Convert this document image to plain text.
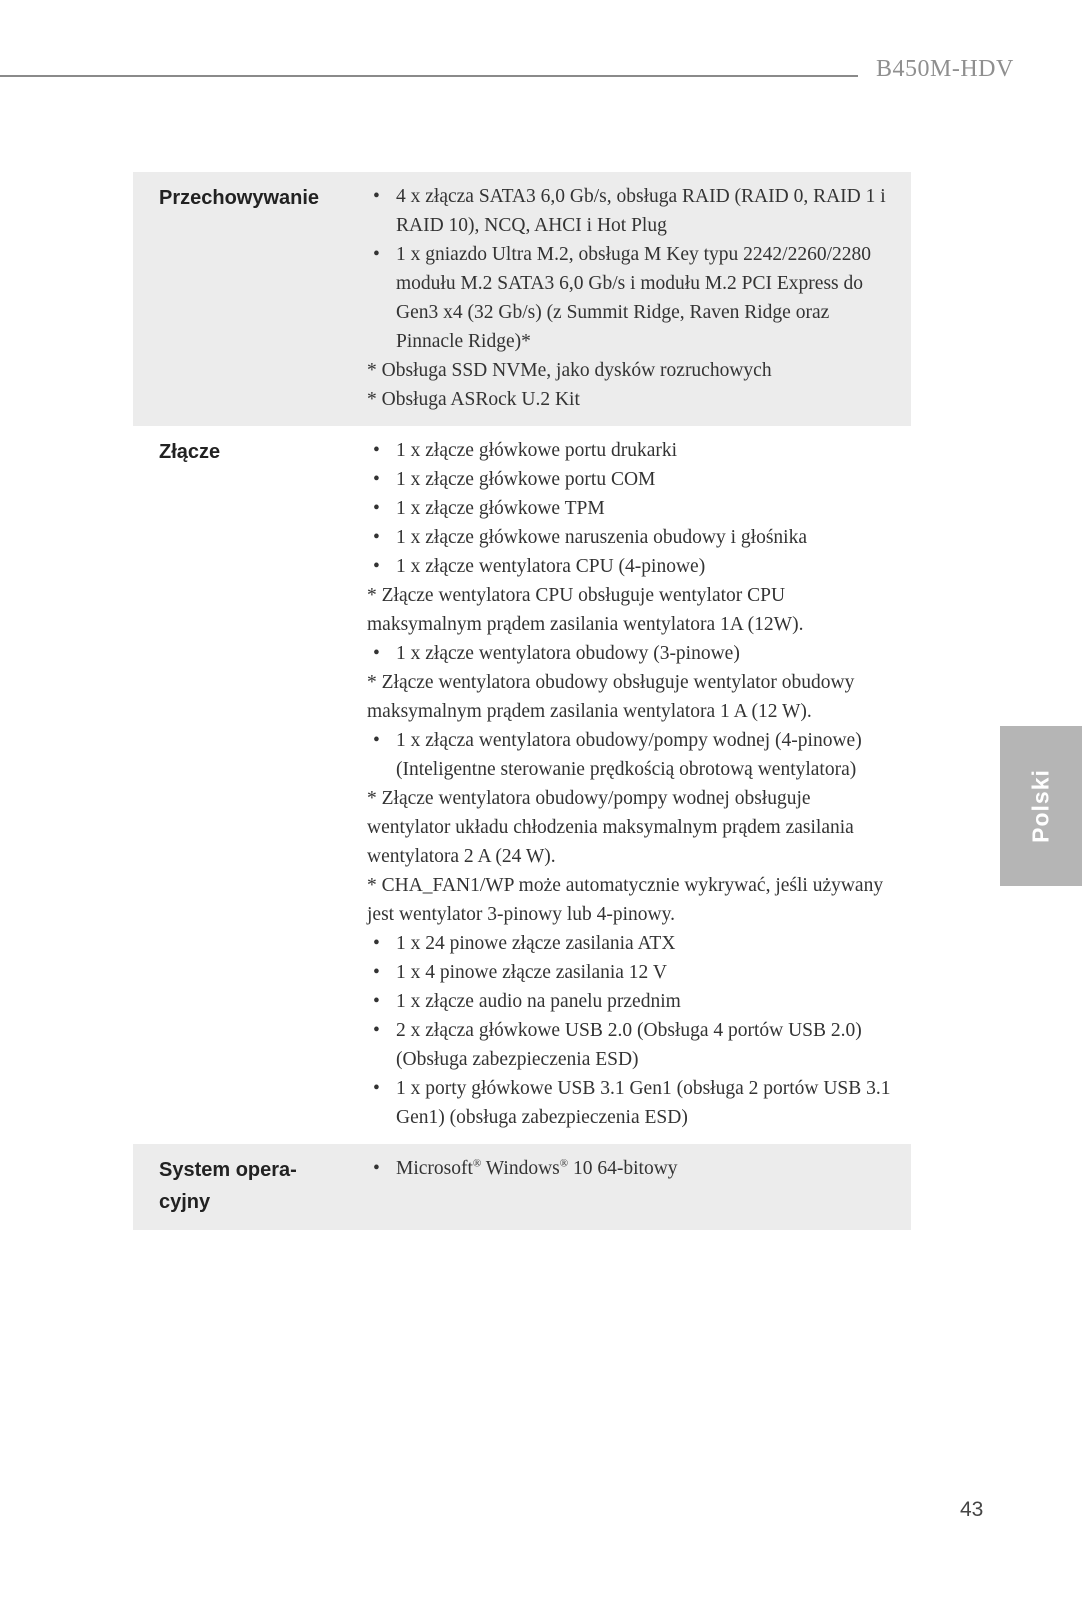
B450M-HDV
Przechowywanie	• 4 x złącza SATA3 6,0 Gb/s, obsługa RAID (RAID 0, RAID 1 i RAID 10), NCQ, AHCI i Hot Plug
• 1 x gniazdo Ultra M.2, obsługa M Key typu 2242/2260/2280 modułu M.2 SATA3 6,0 Gb/s i modułu M.2 PCI Express do Gen3 x4 (32 Gb/s) (z Summit Ridge, Raven Ridge oraz Pinnacle Ridge)*
* Obsługa SSD NVMe, jako dysków rozruchowych
* Obsługa ASRock U.2 Kit
Złącze	• 1 x złącze główkowe portu drukarki
• 1 x złącze główkowe portu COM
• 1 x złącze główkowe TPM
• 1 x złącze główkowe naruszenia obudowy i głośnika
• 1 x złącze wentylatora CPU (4-pinowe)
* Złącze wentylatora CPU obsługuje wentylator CPU maksymalnym prądem zasilania wentylatora 1A (12W).
• 1 x złącze wentylatora obudowy (3-pinowe)
* Złącze wentylatora obudowy obsługuje wentylator obudowy maksymalnym prądem zasilania wentylatora 1 A (12 W).
• 1 x złącza wentylatora obudowy/pompy wodnej (4-pinowe) (Inteligentne sterowanie prędkością obrotową wentylatora)
* Złącze wentylatora obudowy/pompy wodnej obsługuje wentylator układu chłodzenia maksymalnym prądem zasilania wentylatora 2 A (24 W).
* CHA_FAN1/WP może automatycznie wykrywać, jeśli używany jest wentylator 3-pinowy lub 4-pinowy.
• 1 x 24 pinowe złącze zasilania ATX
• 1 x 4 pinowe złącze zasilania 12 V
• 1 x złącze audio na panelu przednim
• 2 x złącza główkowe USB 2.0 (Obsługa 4 portów USB 2.0) (Obsługa zabezpieczenia ESD)
• 1 x porty główkowe USB 3.1 Gen1 (obsługa 2 portów USB 3.1 Gen1) (obsługa zabezpieczenia ESD)
System opera-
cyjny
• Microsoft® Windows® 10 64-bitowy
Polski
43
